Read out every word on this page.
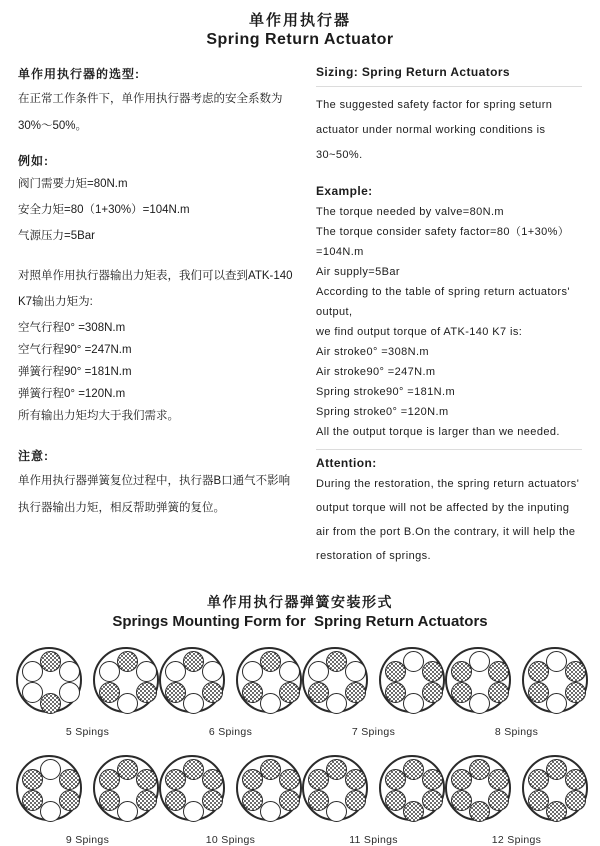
单作用执行器
Spring Return Actuator
单作用执行器的选型:

在正常工作条件下，单作用执行器考虑的安全系数为30%～50%。

例如:

阀门需要力矩=80N.m

安全力矩=80（1+30%）=104N.m

气源压力=5Bar

对照单作用执行器输出力矩表，我们可以查到ATK-140 K7输出力矩为:

空气行程0° =308N.m

空气行程90° =247N.m

弹簧行程90° =181N.m

弹簧行程0° =120N.m

所有输出力矩均大于我们需求。

注意:

单作用执行器弹簧复位过程中，执行器B口通气不影响执行器输出力矩，相反帮助弹簧的复位。

Sizing: Spring Return Actuators

The suggested safety factor for spring seturn actuator under normal working conditions is 30~50%.

Example:

The torque needed by valve=80N.m

The torque consider safety factor=80（1+30%）=104N.m

Air supply=5Bar

According to the table of spring return actuators' output,

we find output torque of ATK-140 K7 is:

Air stroke0° =308N.m

Air stroke90° =247N.m

Spring stroke90° =181N.m

Spring stroke0° =120N.m

All the output torque is larger than we needed.

Attention:

During the restoration, the spring return actuators' output torque will not be affected by the inputing air from the port B.On the contrary, it will help the restoration of springs.

单作用执行器弹簧安装形式
Springs Mounting Form for  Spring Return Actuators
5 Spings	6 Spings	7 Spings	8 Spings
9 Spings	10 Spings	11 Spings	12 Spings
